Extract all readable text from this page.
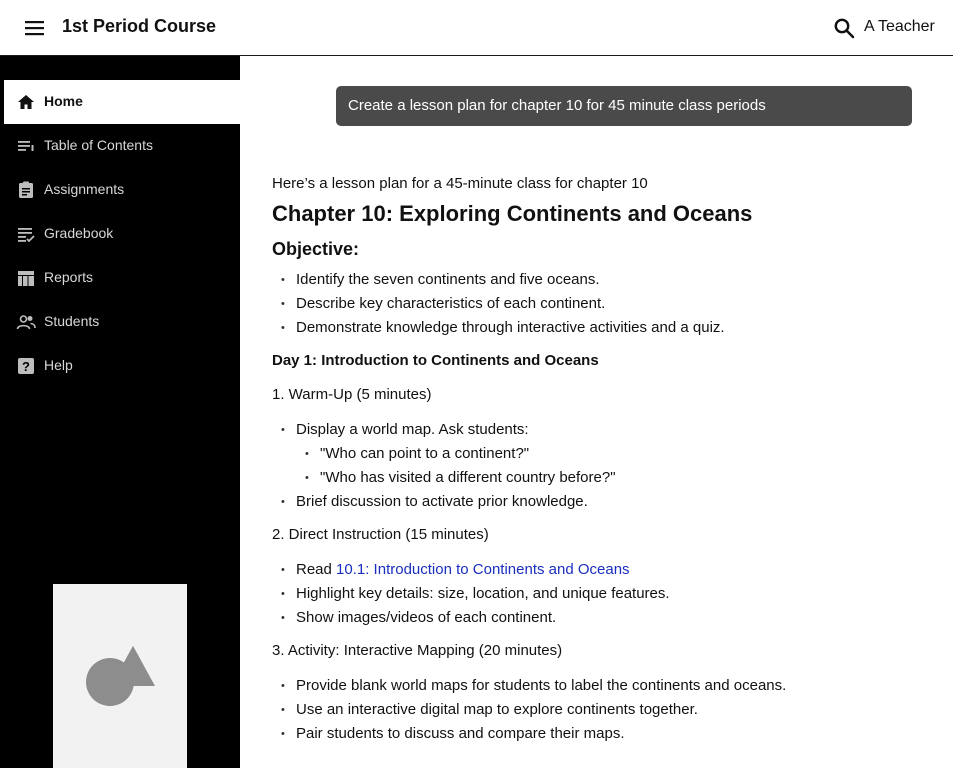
1st Period Course	A Teacher
Home
Table of Contents
Assignments
Gradebook
Reports
Students
? Help
Create a lesson plan for chapter 10 for 45 minute class periods
Here’s a lesson plan for a 45-minute class for chapter 10
Chapter 10: Exploring Continents and Oceans
Objective:
• Identify the seven continents and five oceans.
• Describe key characteristics of each continent.
• Demonstrate knowledge through interactive activities and a quiz.
Day 1: Introduction to Continents and Oceans
1. Warm-Up (5 minutes)
• Display a world map. Ask students:
• "Who can point to a continent?"
• "Who has visited a different country before?"
• Brief discussion to activate prior knowledge.
2. Direct Instruction (15 minutes)
• Read 10.1: Introduction to Continents and Oceans
• Highlight key details: size, location, and unique features.
• Show images/videos of each continent.
3. Activity: Interactive Mapping (20 minutes)
• Provide blank world maps for students to label the continents and oceans.
• Use an interactive digital map to explore continents together.
• Pair students to discuss and compare their maps.
